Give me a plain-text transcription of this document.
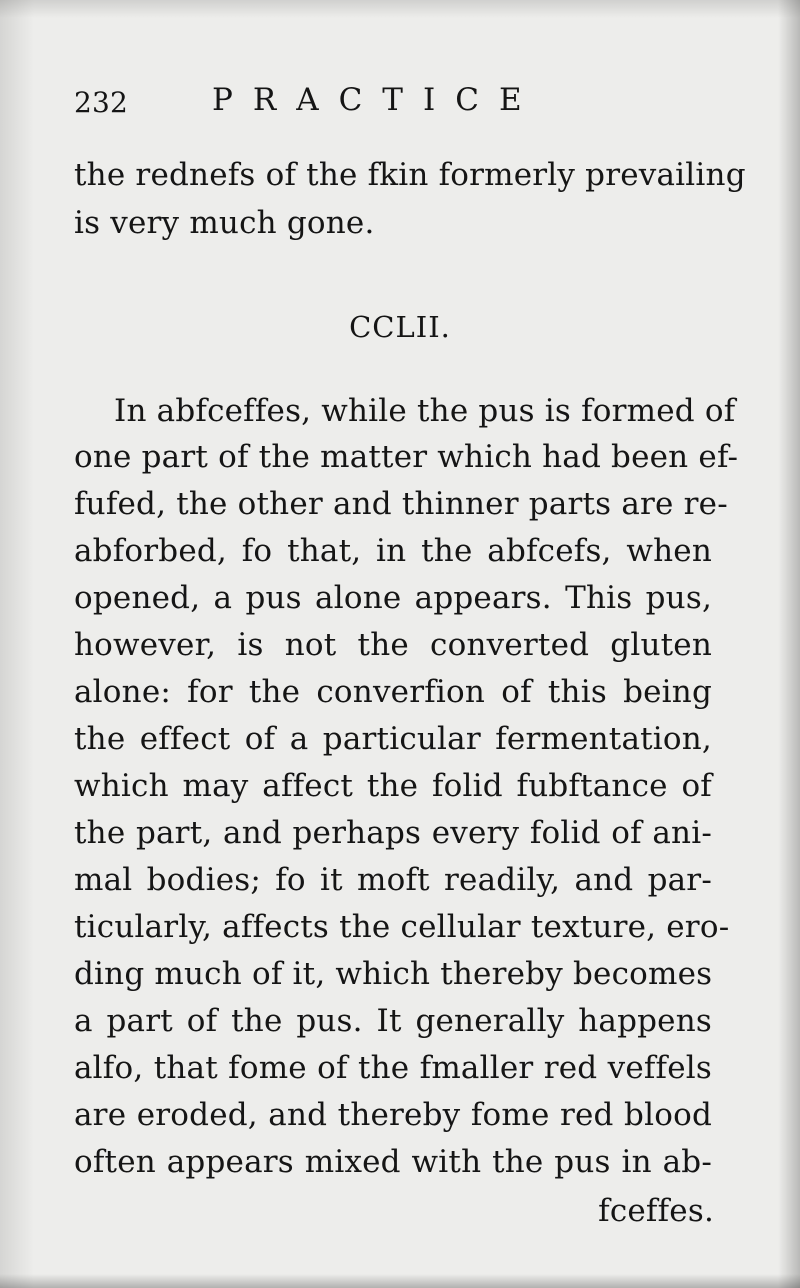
232	PRACTICE
the rednefs of the fkin formerly prevailing
is very much gone.
CCLII.
In abfceffes, while the pus is formed of
one part of the matter which had been ef-
fufed, the other and thinner parts are re-
abforbed, fo that, in the abfcefs, when
opened, a pus alone appears. This pus,
however, is not the converted gluten
alone: for the converfion of this being
the effect of a particular fermentation,
which may affect the folid fubftance of
the part, and perhaps every folid of ani-
mal bodies; fo it moft readily, and par-
ticularly, affects the cellular texture, ero-
ding much of it, which thereby becomes
a part of the pus. It generally happens
alfo, that fome of the fmaller red veffels
are eroded, and thereby fome red blood
often appears mixed with the pus in ab-
fceffes.
